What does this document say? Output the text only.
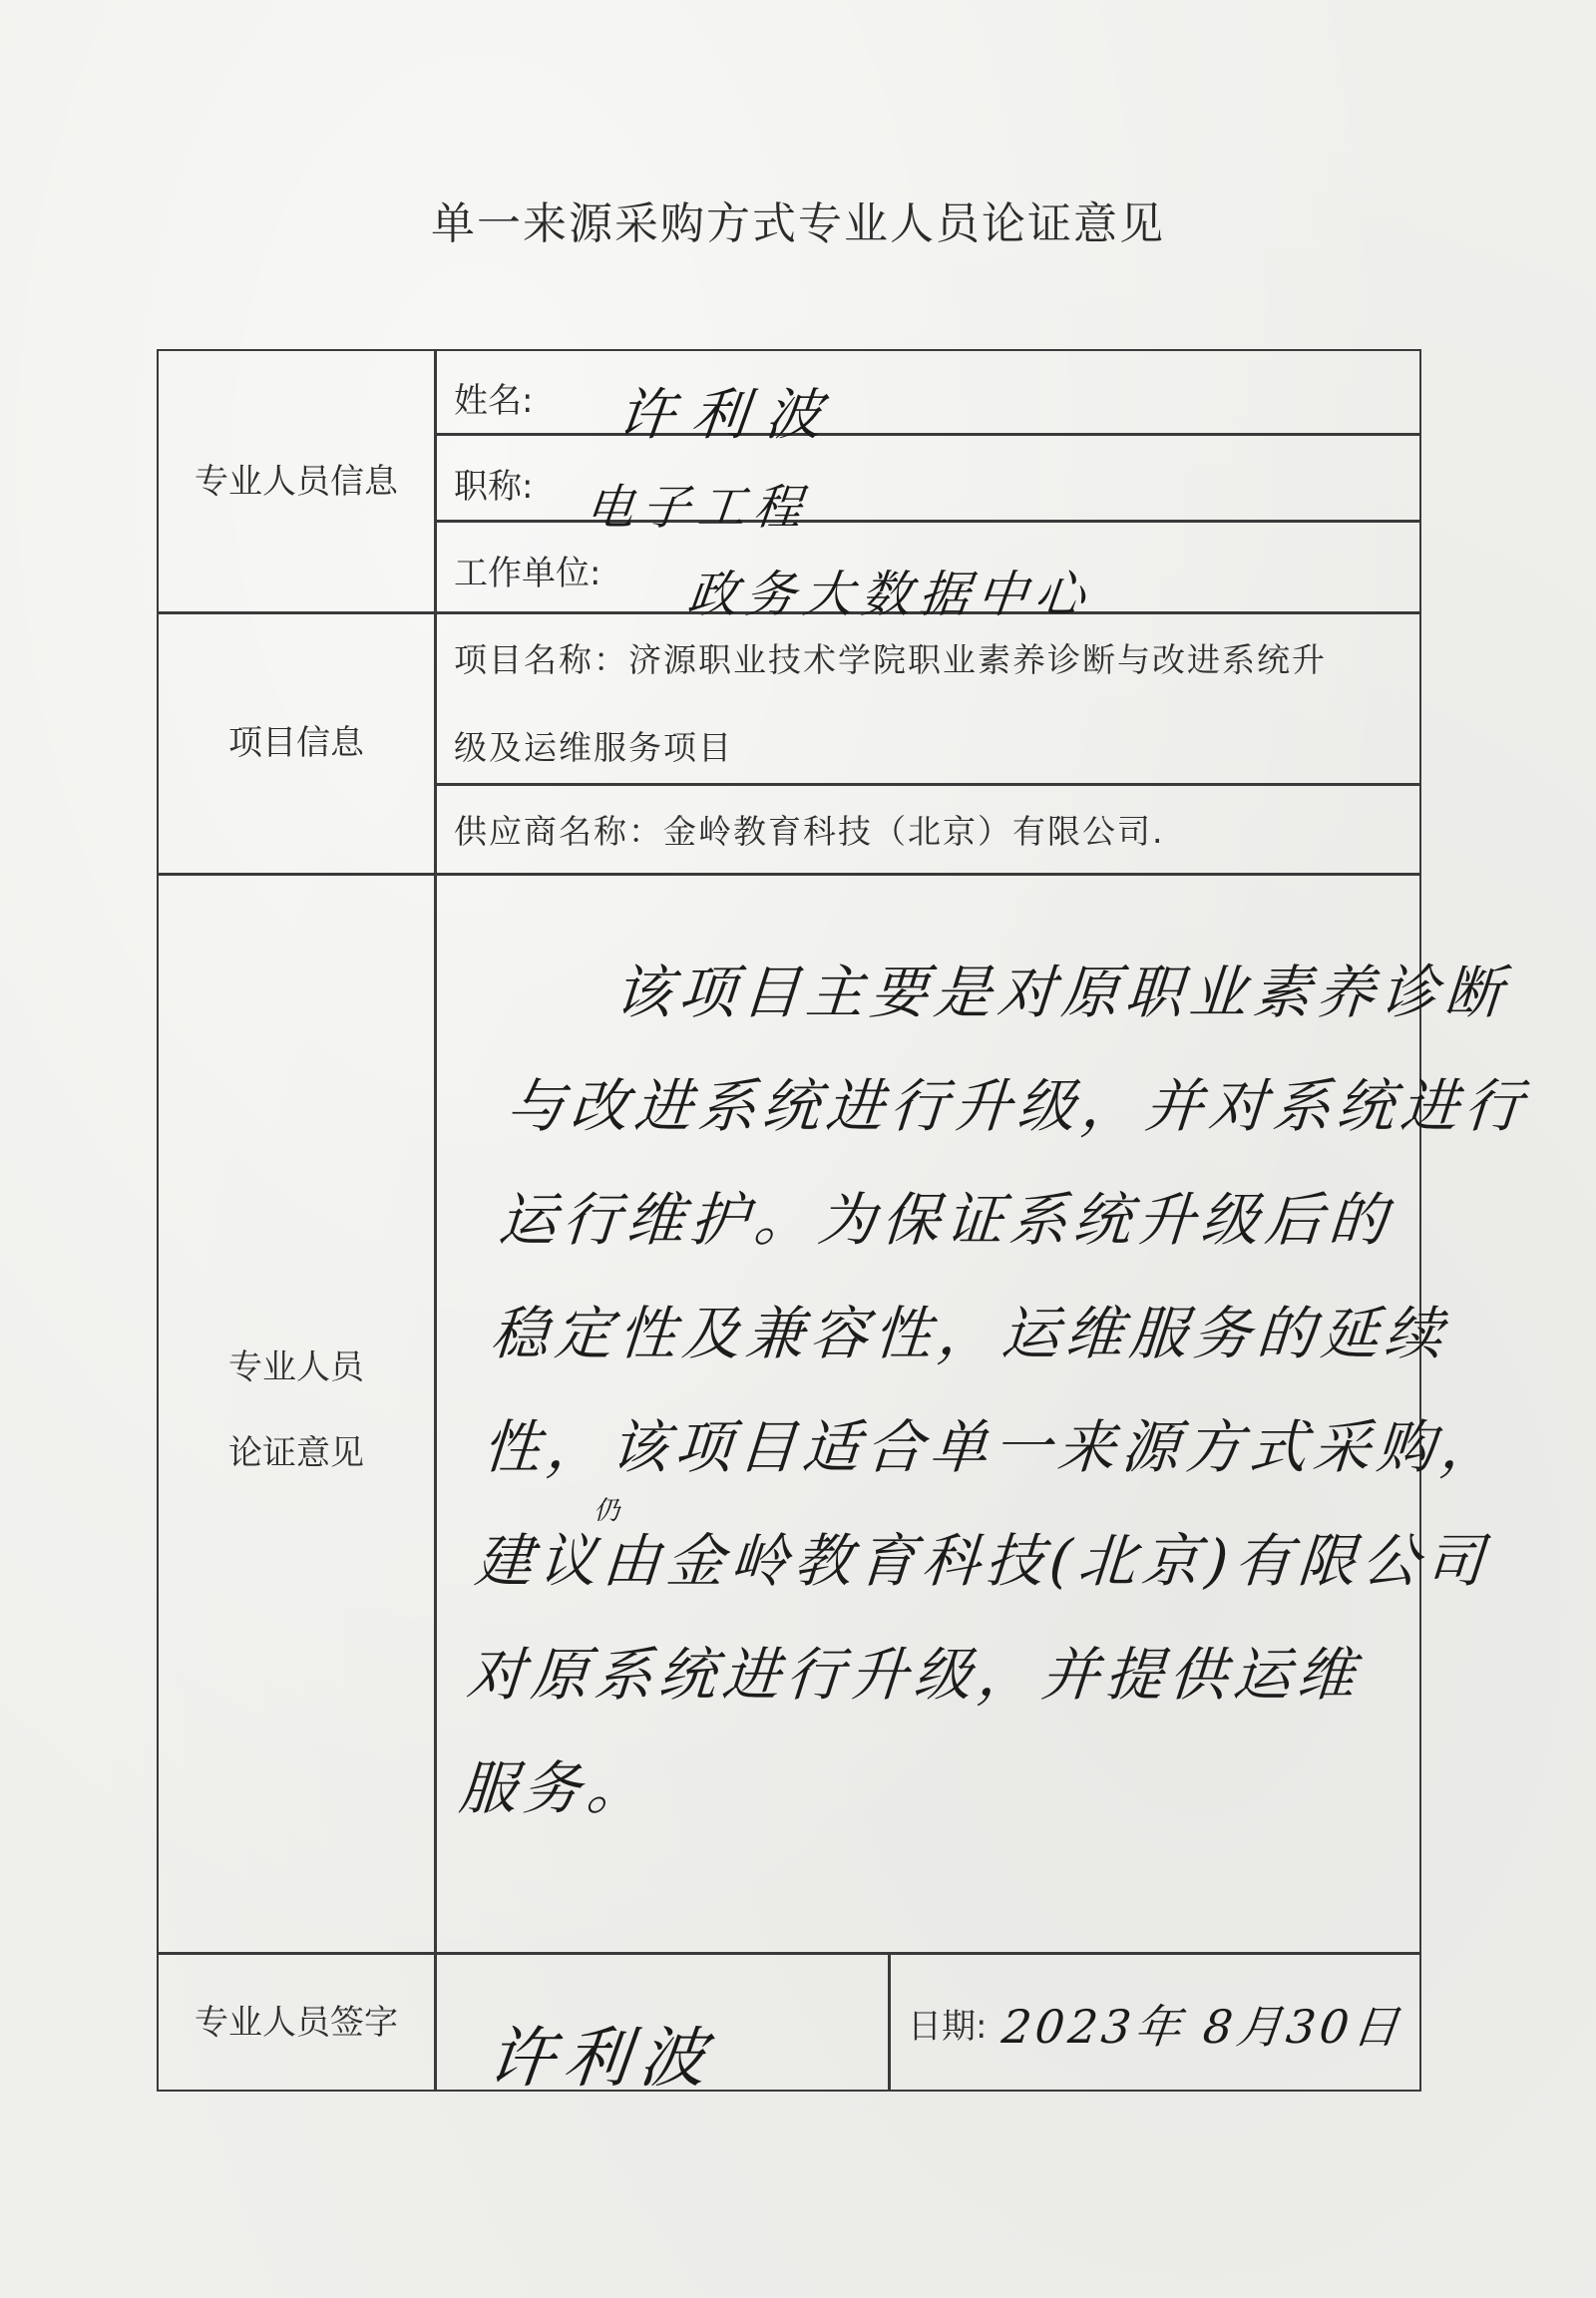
单一来源采购方式专业人员论证意见
专业人员信息
姓名: 许利波
职称: 电子工程
工作单位: 政务大数据中心
项目信息
项目名称：济源职业技术学院职业素养诊断与改进系统升
级及运维服务项目
供应商名称：金岭教育科技（北京）有限公司.
专业人员
论证意见
该项目主要是对原职业素养诊断
与改进系统进行升级，并对系统进行
运行维护。为保证系统升级后的
稳定性及兼容性，运维服务的延续
性，该项目适合单一来源方式采购，
建议由金岭教育科技(北京)有限公司
对原系统进行升级，并提供运维
服务。
仍
专业人员签字	许利波	日期: 2023年 8月30日
